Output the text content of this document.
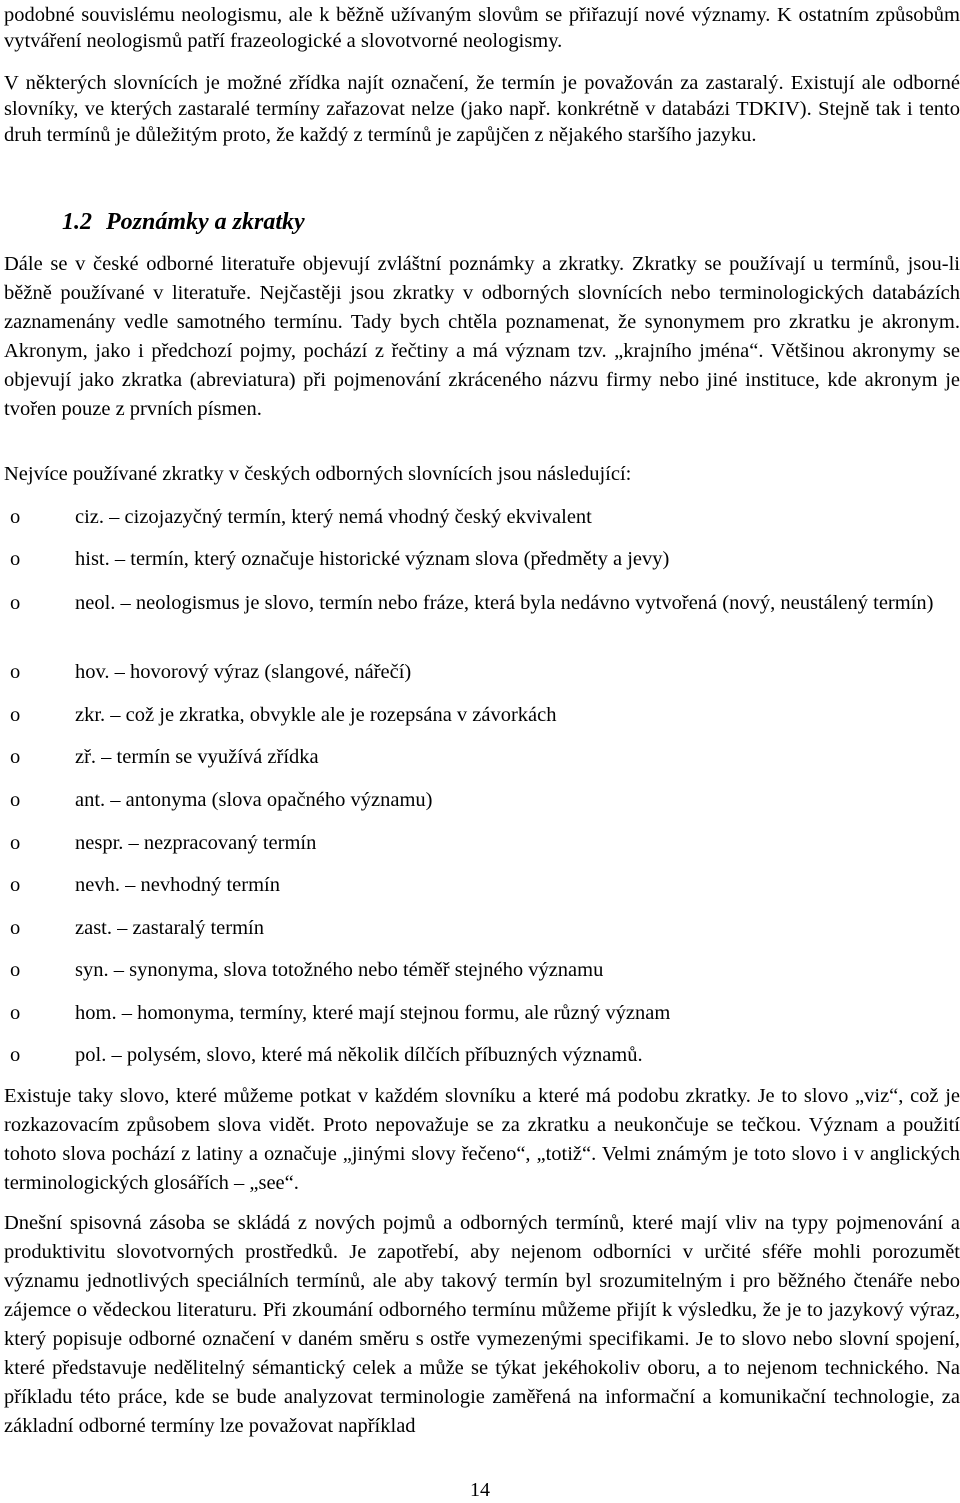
podobné souvislému neologismu, ale k běžně užívaným slovům se přiřazují nové významy. K ostatním způsobům vytváření neologismů patří frazeologické a slovotvorné neologismy.

V některých slovnících je možné zřídka najít označení, že termín je považován za zastaralý. Existují ale odborné slovníky, ve kterých zastaralé termíny zařazovat nelze (jako např. konkrétně v databázi TDKIV). Stejně tak i tento druh termínů je důležitým proto, že každý z termínů je zapůjčen z nějakého staršího jazyku.

1.2 Poznámky a zkratky

Dále se v české odborné literatuře objevují zvláštní poznámky a zkratky. Zkratky se používají u termínů, jsou-li běžně používané v literatuře. Nejčastěji jsou zkratky v odborných slovnících nebo terminologických databázích zaznamenány vedle samotného termínu. Tady bych chtěla poznamenat, že synonymem pro zkratku je akronym. Akronym, jako i předchozí pojmy, pochází z řečtiny a má význam tzv. „krajního jména“. Většinou akronymy se objevují jako zkratka (abreviatura) při pojmenování zkráceného názvu firmy nebo jiné instituce, kde akronym je tvořen pouze z prvních písmen.

Nejvíce používané zkratky v českých odborných slovnících jsou následující:

o	ciz. – cizojazyčný termín, který nemá vhodný český ekvivalent
o	hist. – termín, který označuje historické význam slova (předměty a jevy)
o	neol. – neologismus je slovo, termín nebo fráze, která byla nedávno vytvořená (nový, neustálený termín)
o	hov. – hovorový výraz (slangové, nářečí)
o	zkr. – což je zkratka, obvykle ale je rozepsána v závorkách
o	zř. – termín se využívá zřídka
o	ant. – antonyma (slova opačného významu)
o	nespr. – nezpracovaný termín
o	nevh. – nevhodný termín
o	zast. – zastaralý termín
o	syn. – synonyma, slova totožného nebo téměř stejného významu
o	hom. – homonyma, termíny, které mají stejnou formu, ale různý význam
o	pol. – polysém, slovo, které má několik dílčích příbuzných významů.

Existuje taky slovo, které můžeme potkat v každém slovníku a které má podobu zkratky. Je to slovo „viz“, což je rozkazovacím způsobem slova vidět. Proto nepovažuje se za zkratku a neukončuje se tečkou. Význam a použití tohoto slova pochází z latiny a označuje „jinými slovy řečeno“, „totiž“. Velmi známým je toto slovo i v anglických terminologických glosářích – „see“.

Dnešní spisovná zásoba se skládá z nových pojmů a odborných termínů, které mají vliv na typy pojmenování a produktivitu slovotvorných prostředků. Je zapotřebí, aby nejenom odborníci v určité sféře mohli porozumět významu jednotlivých speciálních termínů, ale aby takový termín byl srozumitelným i pro běžného čtenáře nebo zájemce o vědeckou literaturu. Při zkoumání odborného termínu můžeme přijít k výsledku, že je to jazykový výraz, který popisuje odborné označení v daném směru s ostře vymezenými specifikami. Je to slovo nebo slovní spojení, které představuje nedělitelný sémantický celek a může se týkat jekéhokoliv oboru, a to nejenom technického. Na příkladu této práce, kde se bude analyzovat terminologie zaměřená na informační a komunikační technologie, za základní odborné termíny lze považovat například

14
